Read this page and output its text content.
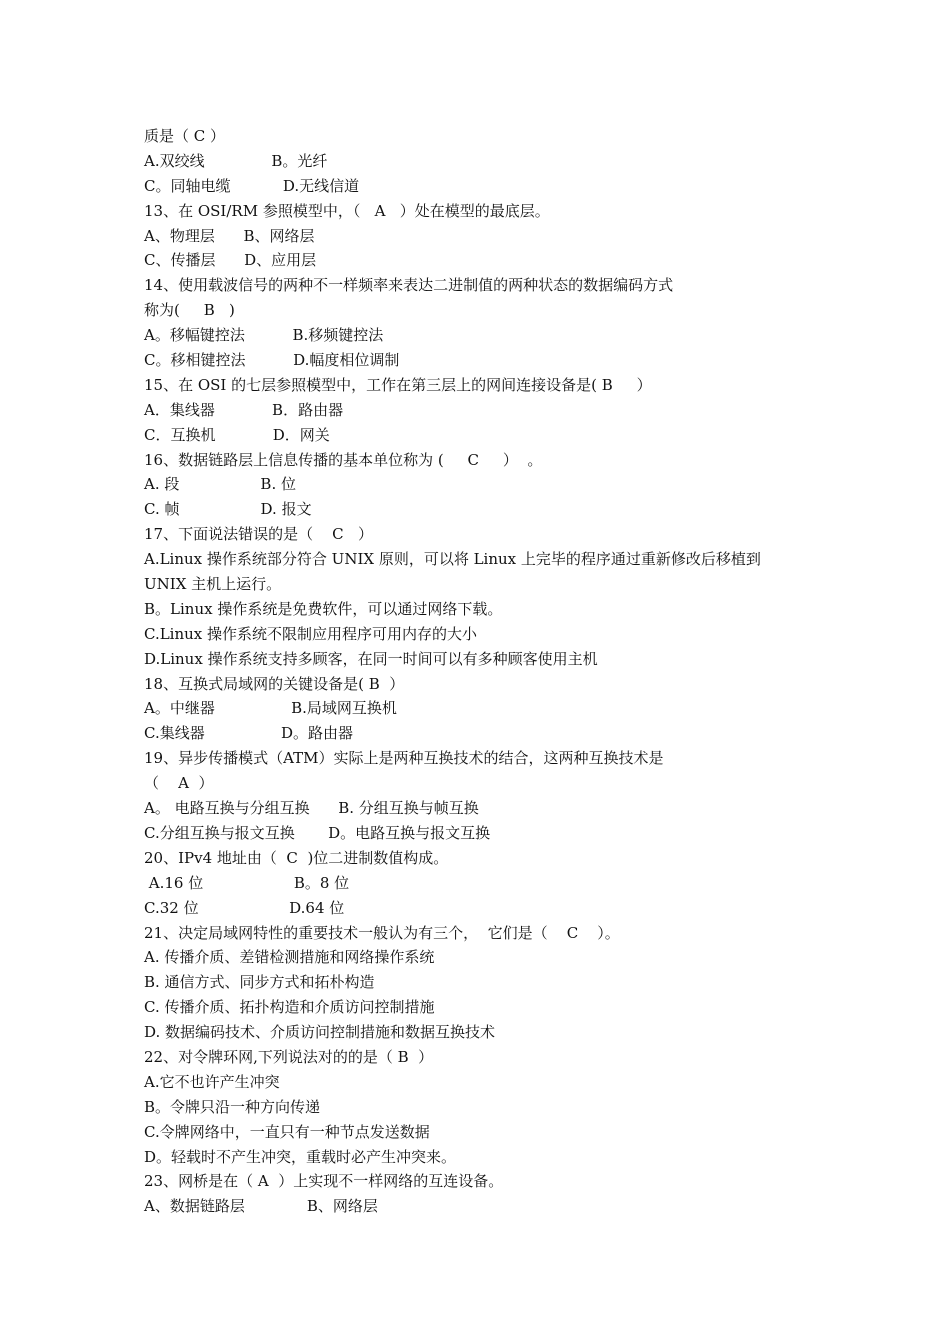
质是（ C ）
A.双绞线              B。光纤
C。同轴电缆           D.无线信道
13、在 OSI/RM 参照模型中，（   A   ）处在模型的最底层。
A、物理层      B、网络层
C、传播层      D、应用层
14、使用载波信号的两种不一样频率来表达二进制值的两种状态的数据编码方式
称为(     B   )
A。移幅键控法          B.移频键控法
C。移相键控法          D.幅度相位调制
15、在 OSI 的七层参照模型中，工作在第三层上的网间连接设备是( B     ）
A．集线器            B．路由器
C．互换机            D．网关
16、数据链路层上信息传播的基本单位称为 (     C     ）  。
A. 段                 B. 位
C. 帧                 D. 报文
17、下面说法错误的是（    C   ）
A.Linux 操作系统部分符合 UNIX 原则，可以将 Linux 上完毕的程序通过重新修改后移植到
UNIX 主机上运行。
B。Linux 操作系统是免费软件，可以通过网络下载。
C.Linux 操作系统不限制应用程序可用内存的大小
D.Linux 操作系统支持多顾客，在同一时间可以有多种顾客使用主机
18、互换式局域网的关键设备是( B  ）
A。中继器                B.局域网互换机
C.集线器                D。路由器
19、异步传播模式（ATM）实际上是两种互换技术的结合，这两种互换技术是
（    A  ）
A。 电路互换与分组互换      B. 分组互换与帧互换
C.分组互换与报文互换       D。电路互换与报文互换
20、IPv4 地址由（  C  )位二进制数值构成。
A.16 位                   B。8 位
C.32 位                   D.64 位
21、决定局域网特性的重要技术一般认为有三个，  它们是（    C    ）。
A. 传播介质、差错检测措施和网络操作系统
B. 通信方式、同步方式和拓朴构造
C. 传播介质、拓扑构造和介质访问控制措施
D. 数据编码技术、介质访问控制措施和数据互换技术
22、对令牌环网,下列说法对的的是（ B  ）
A.它不也许产生冲突
B。令牌只沿一种方向传递
C.令牌网络中，一直只有一种节点发送数据
D。轻载时不产生冲突，重载时必产生冲突来。
23、网桥是在（ A  ）上实现不一样网络的互连设备。
A、数据链路层             B、网络层
